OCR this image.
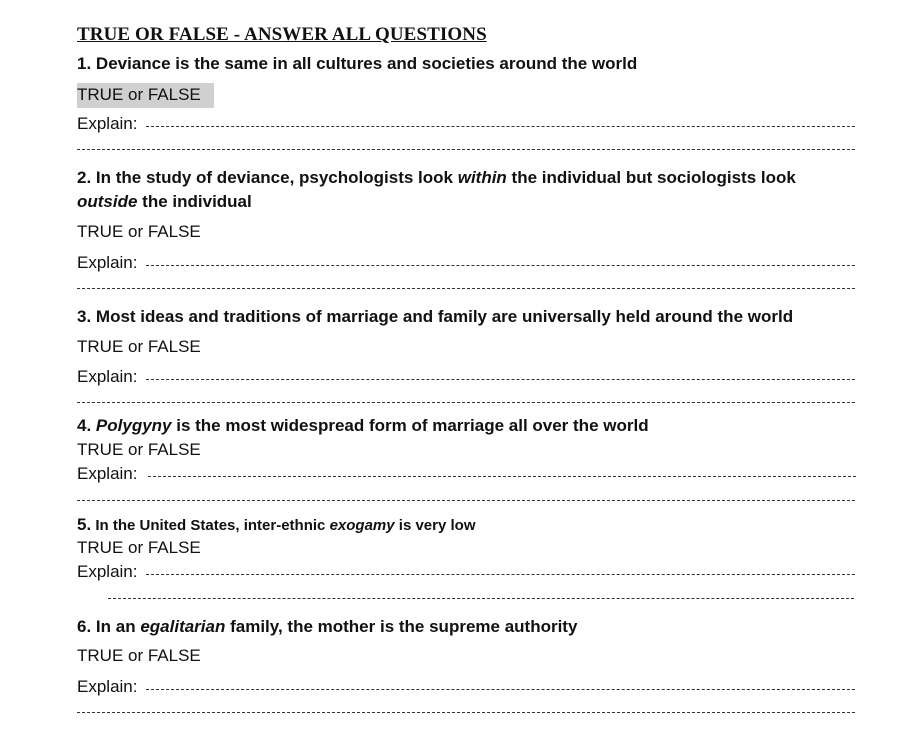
TRUE OR FALSE - ANSWER ALL QUESTIONS
1. Deviance is the same in all cultures and societies around the world
TRUE or FALSE
Explain:
2. In the study of deviance, psychologists look within the individual but sociologists look
outside the individual
TRUE or FALSE
Explain:
3. Most ideas and traditions of marriage and family are universally held around the world
TRUE or FALSE
Explain:
4. Polygyny is the most widespread form of marriage all over the world
TRUE or FALSE
Explain:
5. In the United States, inter-ethnic exogamy is very low
TRUE or FALSE
Explain:
6. In an egalitarian family, the mother is the supreme authority
TRUE or FALSE
Explain:
